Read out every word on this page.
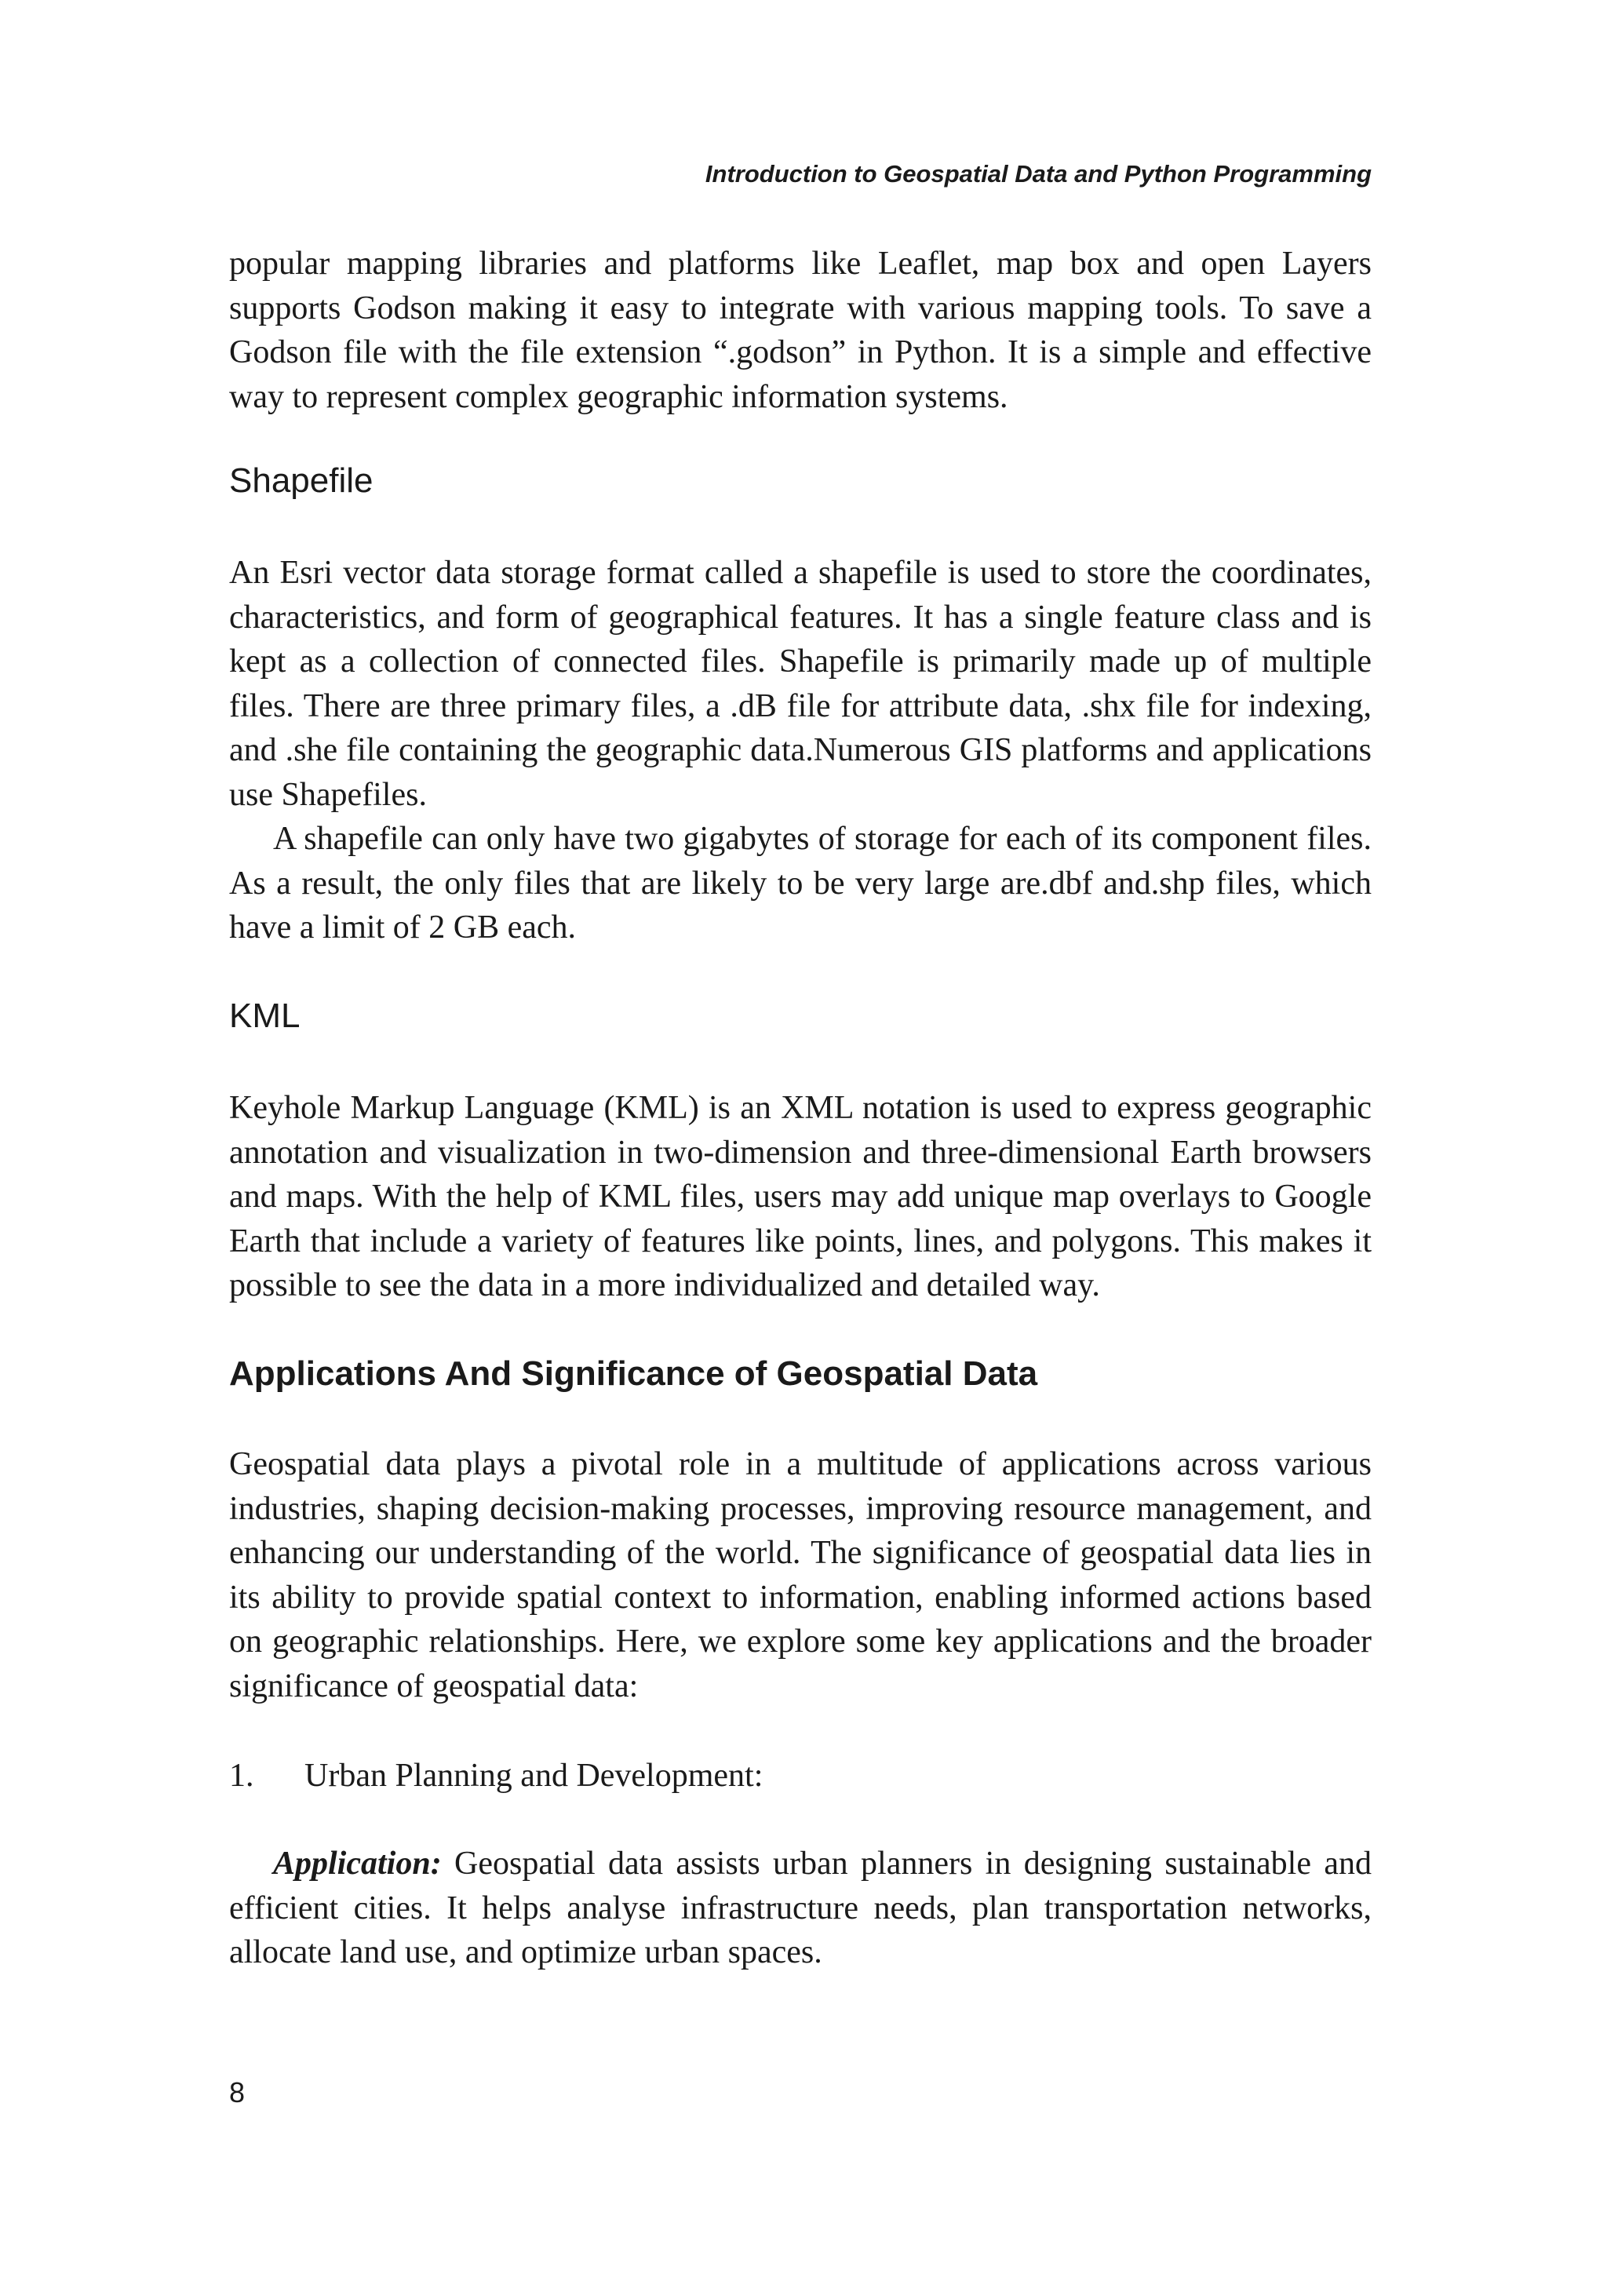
Introduction to Geospatial Data and Python Programming

popular mapping libraries and platforms like Leaflet, map box and open Layers supports Godson making it easy to integrate with various mapping tools. To save a Godson file with the file extension “.godson” in Python. It is a simple and effective way to represent complex geographic information systems.

Shapefile

An Esri vector data storage format called a shapefile is used to store the coordinates, characteristics, and form of geographical features. It has a single feature class and is kept as a collection of connected files. Shapefile is primarily made up of multiple files. There are three primary files, a .dB file for attribute data, .shx file for indexing, and .she file containing the geographic data.Numerous GIS platforms and applications use Shapefiles.

A shapefile can only have two gigabytes of storage for each of its component files. As a result, the only files that are likely to be very large are.dbf and.shp files, which have a limit of 2 GB each.

KML

Keyhole Markup Language (KML) is an XML notation is used to express geographic annotation and visualization in two-dimension and three-dimensional Earth browsers and maps. With the help of KML files, users may add unique map overlays to Google Earth that include a variety of features like points, lines, and polygons. This makes it possible to see the data in a more individualized and detailed way.

Applications And Significance of Geospatial Data

Geospatial data plays a pivotal role in a multitude of applications across various industries, shaping decision-making processes, improving resource management, and enhancing our understanding of the world. The significance of geospatial data lies in its ability to provide spatial context to information, enabling informed actions based on geographic relationships. Here, we explore some key applications and the broader significance of geospatial data:

1. Urban Planning and Development:

Application: Geospatial data assists urban planners in designing sustainable and efficient cities. It helps analyse infrastructure needs, plan transportation networks, allocate land use, and optimize urban spaces.

8
